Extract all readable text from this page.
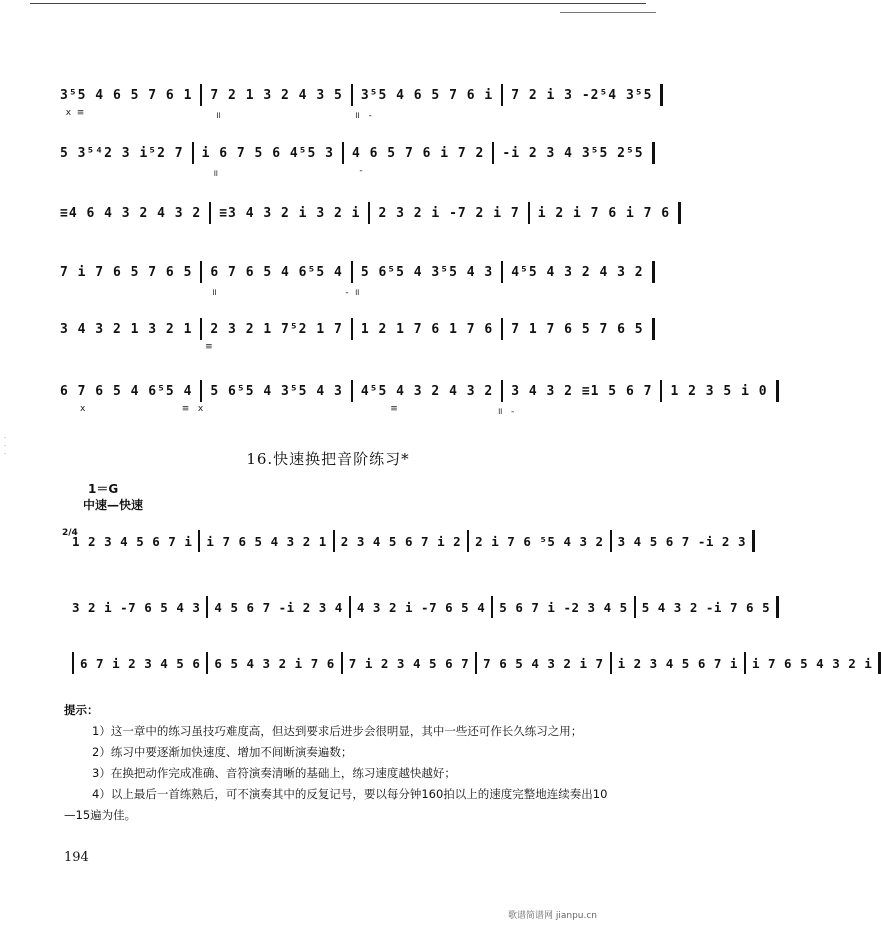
3⁵5 4 6 5 7 6 1 7 2 1 3 2 4 3 5 3⁵5 4 6 5 7 6 i 7 2 i 3 -2⁵4 3⁵5
x  ≡	॥	॥   -
5 3⁵⁴2 3 i⁵2 7 i 6 7 5 6 4⁵5 3 4 6 5 7 6 i 7 2 -i 2 3 4 3⁵5 2⁵5
॥	-
≡4 6 4 3 2 4 3 2 ≡3 4 3 2 i 3 2 i 2 3 2 i -7 2 i 7 i 2 i 7 6 i 7 6
7 i 7 6 5 7 6 5 6 7 6 5 4 6⁵5 4 5 6⁵5 4 3⁵5 4 3 4⁵5 4 3 2 4 3 2
॥	-  ॥
3 4 3 2 1 3 2 1 2 3 2 1 7⁵2 1 7 1 2 1 7 6 1 7 6 7 1 7 6 5 7 6 5
≡
6 7 6 5 4 6⁵5 4 5 6⁵5 4 3⁵5 4 3 4⁵5 4 3 2 4 3 2 3 4 3 2 ≡1 5 6 7 1 2 3 5 i 0
x	≡   x	≡	॥   -
·
·
·	16.快速换把音阶练习*
1＝G
中速—快速
2/4
1 2 3 4 5 6 7 i i 7 6 5 4 3 2 1 2 3 4 5 6 7 i 2 2 i 7 6 ⁵5 4 3 2 3 4 5 6 7 -i 2 3
3 2 i -7 6 5 4 3 4 5 6 7 -i 2 3 4 4 3 2 i -7 6 5 4 5 6 7 i -2 3 4 5 5 4 3 2 -i 7 6 5
6 7 i 2 3 4 5 6 6 5 4 3 2 i 7 6 7 i 2 3 4 5 6 7 7 6 5 4 3 2 i 7 i 2 3 4 5 6 7 i i 7 6 5 4 3 2 i

提示：

1）这一章中的练习虽技巧难度高，但达到要求后进步会很明显，其中一些还可作长久练习之用；

2）练习中要逐渐加快速度、增加不间断演奏遍数；

3）在换把动作完成准确、音符演奏清晰的基础上，练习速度越快越好；

4）以上最后一首练熟后，可不演奏其中的反复记号，要以每分钟160拍以上的速度完整地连续奏出10—15遍为佳。

194
歌谱简谱网 jianpu.cn
